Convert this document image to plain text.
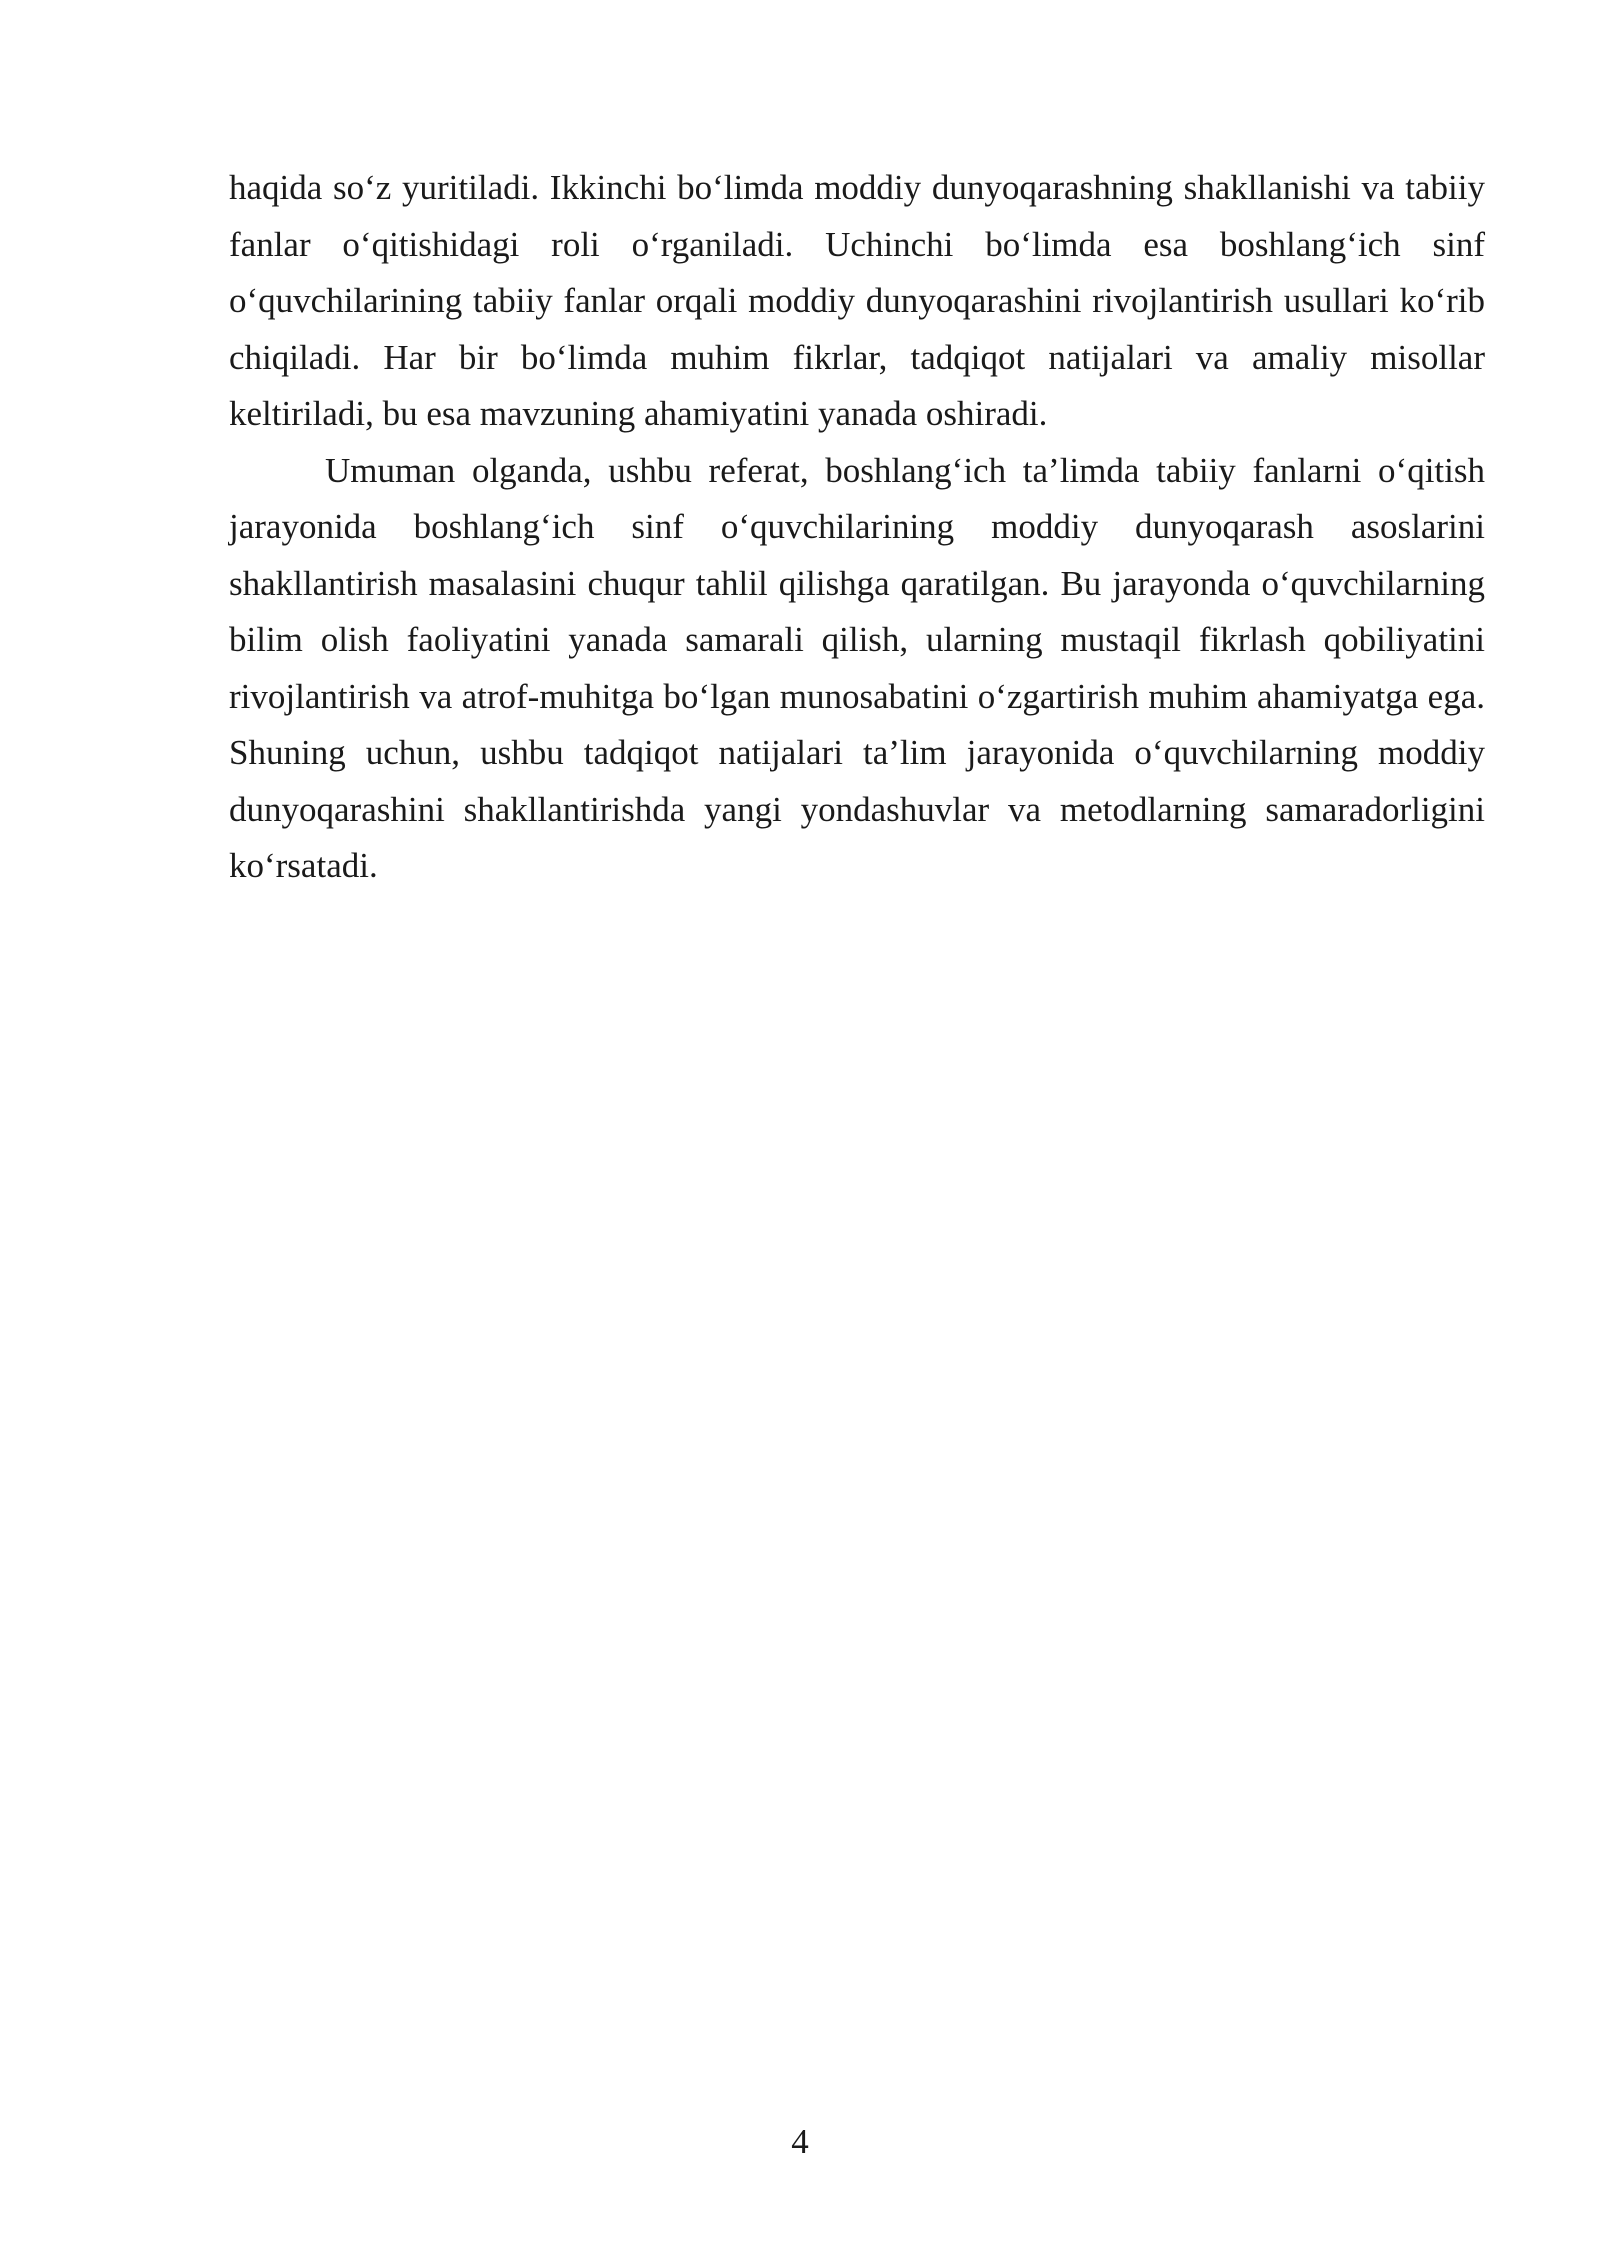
haqida so‘z yuritiladi. Ikkinchi bo‘limda moddiy dunyoqarashning shakllanishi va tabiiy fanlar o‘qitishidagi roli o‘rganiladi. Uchinchi bo‘limda esa boshlang‘ich sinf o‘quvchilarining tabiiy fanlar orqali moddiy dunyoqarashini rivojlantirish usullari ko‘rib chiqiladi. Har bir bo‘limda muhim fikrlar, tadqiqot natijalari va amaliy misollar keltiriladi, bu esa mavzuning ahamiyatini yanada oshiradi.

Umuman olganda, ushbu referat, boshlang‘ich ta’limda tabiiy fanlarni o‘qitish jarayonida boshlang‘ich sinf o‘quvchilarining moddiy dunyoqarash asoslarini shakllantirish masalasini chuqur tahlil qilishga qaratilgan. Bu jarayonda o‘quvchilarning bilim olish faoliyatini yanada samarali qilish, ularning mustaqil fikrlash qobiliyatini rivojlantirish va atrof-muhitga bo‘lgan munosabatini o‘zgartirish muhim ahamiyatga ega. Shuning uchun, ushbu tadqiqot natijalari ta’lim jarayonida o‘quvchilarning moddiy dunyoqarashini shakllantirishda yangi yondashuvlar va metodlarning samaradorligini ko‘rsatadi.

4
